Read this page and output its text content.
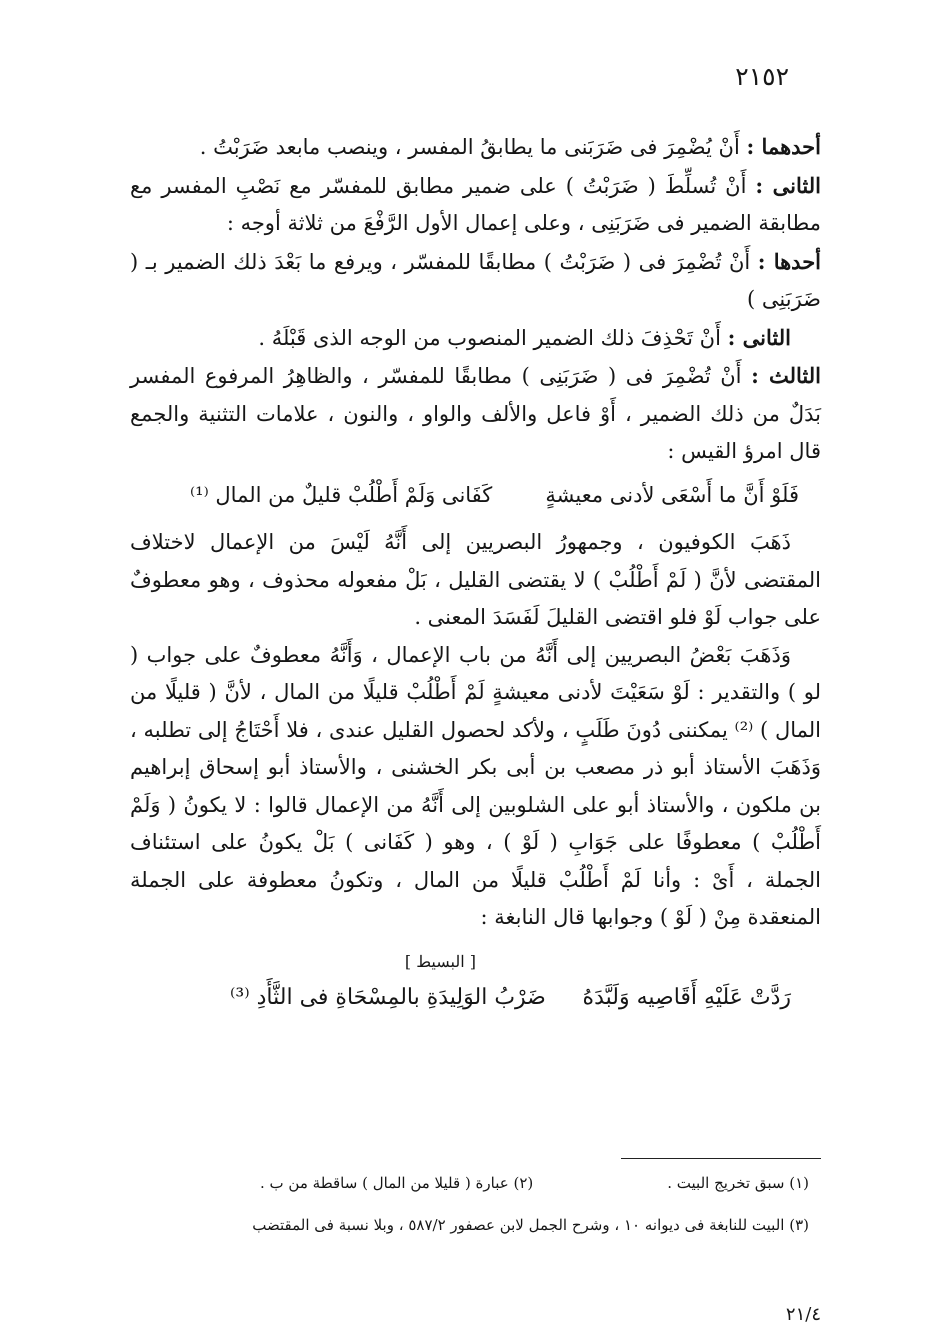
٢١٥٢

أحدهما : أَنْ يُضْمِرَ فى ضَرَبَنى ما يطابقُ المفسر ، وينصب مابعد ضَرَبْتُ .

الثانى : أَنْ تُسلِّطَ ( ضَرَبْتُ ) على ضمير مطابق للمفسّر مع نَصْبِ المفسر مع مطابقة الضمير فى ضَرَبَنِى ، وعلى إعمال الأول الرَّفْعَ من ثلاثة أوجه :

أحدها : أَنْ تُضْمِرَ فى ( ضَرَبْتُ ) مطابقًا للمفسّر ، ويرفع ما بَعْدَ ذلك الضمير بـ ( ضَرَبَنِى )

الثانى : أَنْ تَحْذِفَ ذلك الضمير المنصوب من الوجه الذى قَبْلَهُ .

الثالث : أَنْ تُضْمِرَ فى ( ضَرَبَنِى ) مطابقًا للمفسّر ، والظاهِرُ المرفوع المفسر بَدَلٌ من ذلك الضمير ، أَوْ فاعل والألف والواو ، والنون ، علامات التثنية والجمع قال امرؤ القيس :

فَلَوْ أَنَّ ما أَسْعَى لأدنى معيشةٍ
كَفَانى وَلَمْ أَطْلُبْ قليلٌ من المال ⁽¹⁾

ذَهَبَ الكوفيون ، وجمهورُ البصريين إلى أَنَّهُ لَيْسَ من الإعمال لاختلاف المقتضى لأنَّ ( لَمْ أَطْلُبْ ) لا يقتضى القليل ، بَلْ مفعوله محذوف ، وهو معطوفٌ على جواب لَوْ فلو اقتضى القليلَ لَفَسَدَ المعنى .

وَذَهَبَ بَعْضُ البصريين إلى أَنَّهُ من باب الإعمال ، وَأَنَّهُ معطوفٌ على جواب ( لو ) والتقدير : لَوْ سَعَيْتَ لأدنى معيشةٍ لَمْ أَطْلُبْ قليلًا من المال ، لأنَّ ( قليلًا من المال ) ⁽²⁾ يمكننى دُونَ طَلَبٍ ، ولأكد لحصول القليل عندى ، فلا أَحْتَاجُ إلى تطلبه ، وَذَهَبَ الأستاذ أبو ذر مصعب بن أبى بكر الخشنى ، والأستاذ أبو إسحاق إبراهيم بن ملكون ، والأستاذ أبو على الشلوبين إلى أَنَّهُ من الإعمال قالوا : لا يكونُ ( وَلَمْ أَطْلُبْ ) معطوفًا على جَوَابِ ( لَوْ ) ، وهو ( كَفَانى ) بَلْ يكونُ على استئناف الجملة ، أَىْ : وأنا لَمْ أَطْلُبْ قليلًا من المال ، وتكونُ معطوفة على الجملة المنعقدة مِنْ ( لَوْ ) وجوابها قال النابغة :

[ البسيط ]
رَدَّتْ عَلَيْهِ أَقَاصِيه وَلَبَّدَهُ
ضَرْبُ الوَلِيدَةِ بالمِسْحَاةِ فى الثَّأَدِ ⁽³⁾
(١) سبق تخريج البيت .
(٢) عبارة ( قليلا من المال ) ساقطة من ب .
(٣) البيت للنابغة فى ديوانه ١٠ ، وشرح الجمل لابن عصفور ٥٨٧/٢ ، وبلا نسبة فى المقتضب
٢١/٤
